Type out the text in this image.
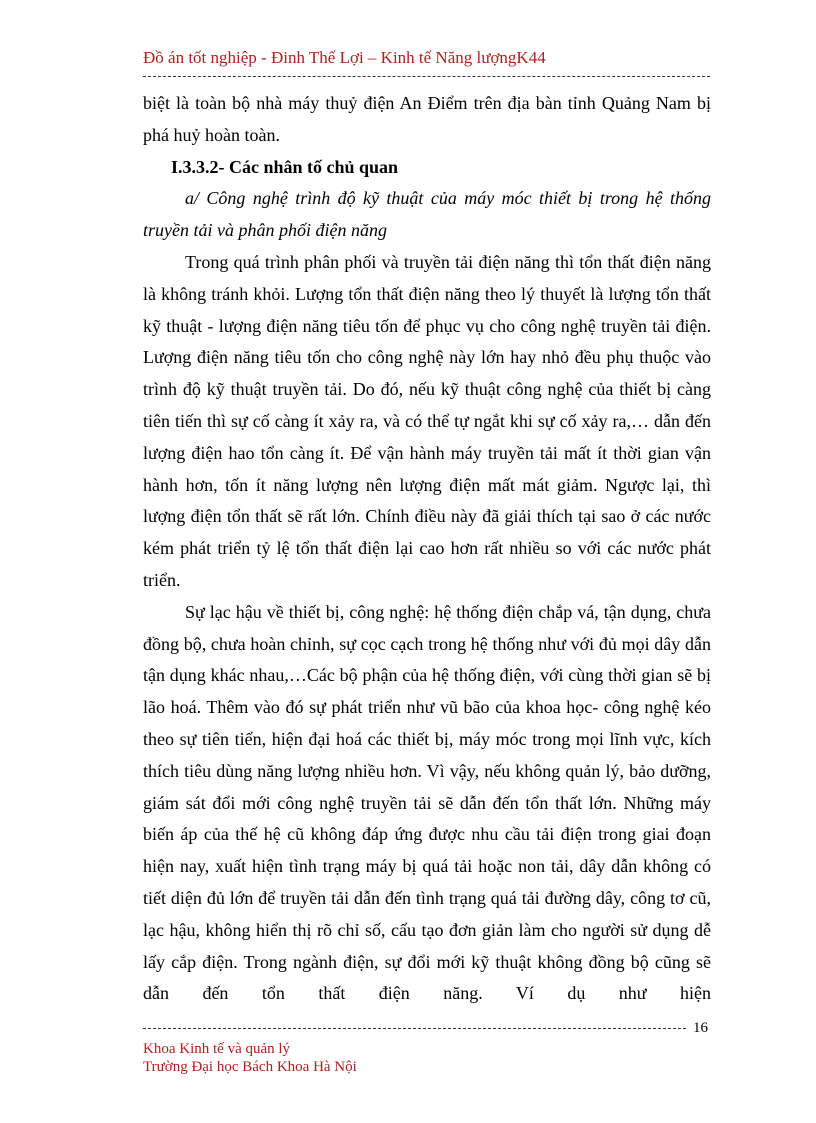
Đồ án tốt nghiệp - Đinh Thế Lợi – Kinh tế Năng lượngK44

biệt là toàn bộ nhà máy thuỷ điện An Điểm trên địa bàn tỉnh Quảng Nam bị phá huỷ hoàn toàn.

I.3.3.2- Các nhân tố chủ quan

a/ Công nghệ trình độ kỹ thuật của máy móc thiết bị trong hệ thống truyền tải và phân phối điện năng

Trong quá trình phân phối và truyền tải điện năng thì tổn thất điện năng là không tránh khỏi. Lượng tổn thất điện năng theo lý thuyết là lượng tổn thất kỹ thuật - lượng điện năng tiêu tốn để phục vụ cho công nghệ truyền tải điện. Lượng điện năng tiêu tốn cho công nghệ này lớn hay nhỏ đều phụ thuộc vào trình độ kỹ thuật truyền tải. Do đó, nếu kỹ thuật công nghệ của thiết bị càng tiên tiến thì sự cố càng ít xảy ra, và có thể tự ngắt khi sự cố xảy ra,… dẫn đến lượng điện hao tổn càng ít. Để vận hành máy truyền tải mất ít thời gian vận hành hơn, tốn ít năng lượng nên lượng điện mất mát giảm. Ngược lại, thì lượng điện tổn thất sẽ rất lớn. Chính điều này đã giải thích tại sao ở các nước kém phát triển tỷ lệ tổn thất điện lại cao hơn rất nhiều so với các nước phát triển.

Sự lạc hậu về thiết bị, công nghệ: hệ thống điện chắp vá, tận dụng, chưa đồng bộ, chưa hoàn chỉnh, sự cọc cạch trong hệ thống như với đủ mọi dây dẫn tận dụng khác nhau,…Các bộ phận của hệ thống điện, với cùng thời gian sẽ bị lão hoá. Thêm vào đó sự phát triển như vũ bão của khoa học- công nghệ kéo theo sự tiên tiến, hiện đại hoá các thiết bị, máy móc trong mọi lĩnh vực, kích thích tiêu dùng năng lượng nhiều hơn. Vì vậy, nếu không quản lý, bảo dưỡng, giám sát đổi mới công nghệ truyền tải sẽ dẫn đến tổn thất lớn. Những máy biến áp của thế hệ cũ không đáp ứng được nhu cầu tải điện trong giai đoạn hiện nay, xuất hiện tình trạng máy bị quá tải hoặc non tải, dây dẫn không có tiết diện đủ lớn để truyền tải dẫn đến tình trạng quá tải đường dây, công tơ cũ, lạc hậu, không hiển thị rõ chỉ số, cấu tạo đơn giản làm cho người sử dụng dễ lấy cắp điện. Trong ngành điện, sự đổi mới kỹ thuật không đồng bộ cũng sẽ dẫn đến tổn thất điện năng. Ví dụ như hiện

16
Khoa Kinh tế và quản lý
Trường Đại học Bách Khoa Hà Nội
